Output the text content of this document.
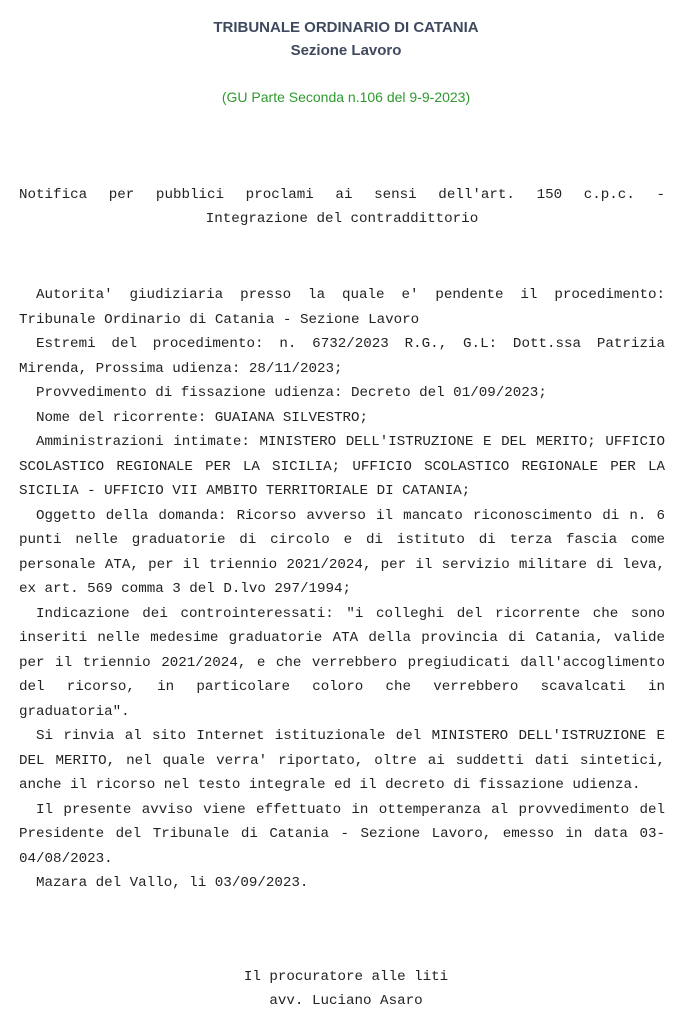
TRIBUNALE ORDINARIO DI CATANIA
Sezione Lavoro
(GU Parte Seconda n.106 del 9-9-2023)
Notifica per pubblici proclami ai sensi dell'art. 150 c.p.c. -
Integrazione del contraddittorio

Autorita' giudiziaria presso la quale e' pendente il procedimento: Tribunale Ordinario di Catania - Sezione Lavoro

Estremi del procedimento: n. 6732/2023 R.G., G.L: Dott.ssa Patrizia Mirenda, Prossima udienza: 28/11/2023;

Provvedimento di fissazione udienza: Decreto del 01/09/2023;

Nome del ricorrente: GUAIANA SILVESTRO;

Amministrazioni intimate: MINISTERO DELL'ISTRUZIONE E DEL MERITO; UFFICIO SCOLASTICO REGIONALE PER LA SICILIA; UFFICIO SCOLASTICO REGIONALE PER LA SICILIA - UFFICIO VII AMBITO TERRITORIALE DI CATANIA;

Oggetto della domanda: Ricorso avverso il mancato riconoscimento di n. 6 punti nelle graduatorie di circolo e di istituto di terza fascia come personale ATA, per il triennio 2021/2024, per il servizio militare di leva, ex art. 569 comma 3 del D.lvo 297/1994;

Indicazione dei controinteressati: "i colleghi del ricorrente che sono inseriti nelle medesime graduatorie ATA della provincia di Catania, valide per il triennio 2021/2024, e che verrebbero pregiudicati dall'accoglimento del ricorso, in particolare coloro che verrebbero scavalcati in graduatoria".

Si rinvia al sito Internet istituzionale del MINISTERO DELL'ISTRUZIONE E DEL MERITO, nel quale verra' riportato, oltre ai suddetti dati sintetici, anche il ricorso nel testo integrale ed il decreto di fissazione udienza.

Il presente avviso viene effettuato in ottemperanza al provvedimento del Presidente del Tribunale di Catania - Sezione Lavoro, emesso in data 03-04/08/2023.

Mazara del Vallo, li 03/09/2023.

Il procuratore alle liti
avv. Luciano Asaro
